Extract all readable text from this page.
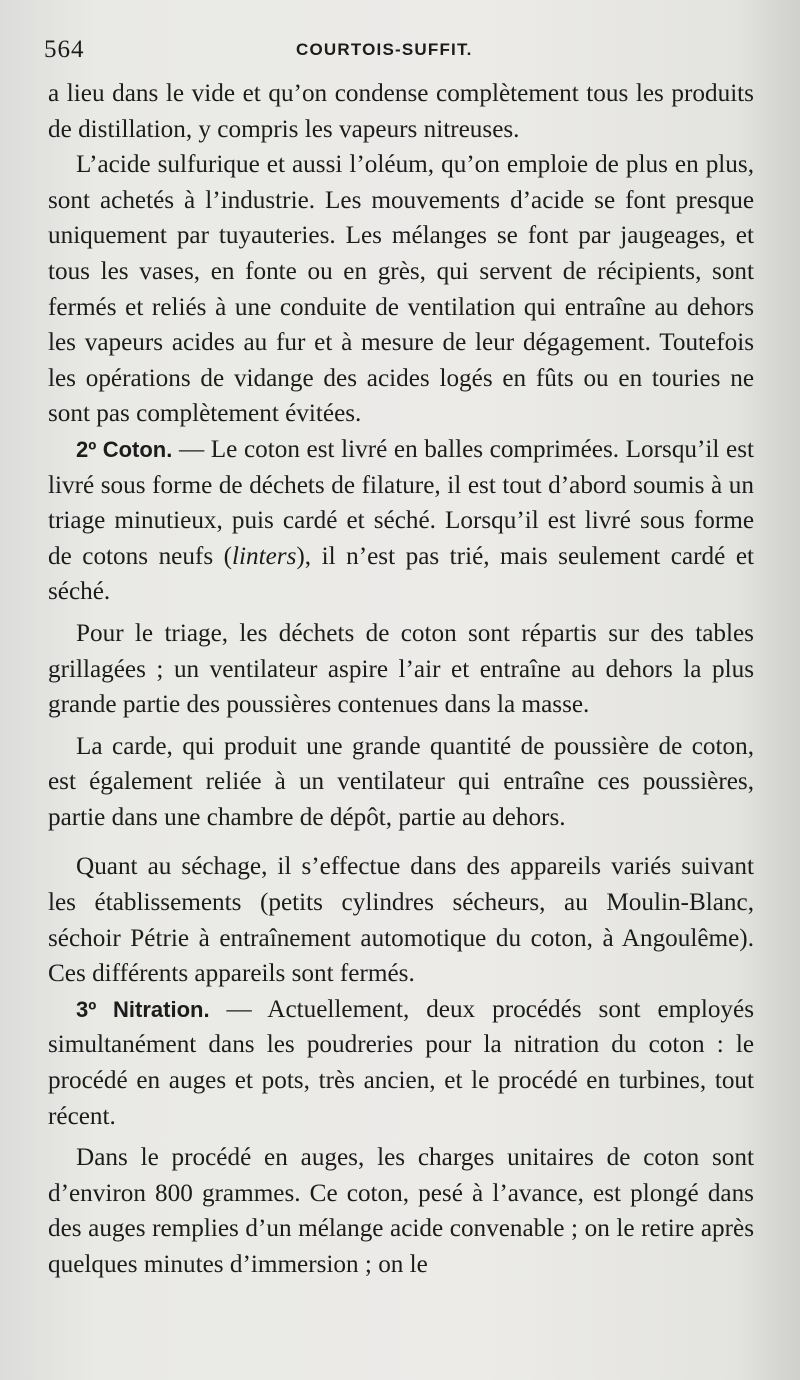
564	COURTOIS-SUFFIT.

a lieu dans le vide et qu’on condense complètement tous les produits de distillation, y compris les vapeurs nitreuses.

L’acide sulfurique et aussi l’oléum, qu’on emploie de plus en plus, sont achetés à l’industrie. Les mouvements d’acide se font presque uniquement par tuyauteries. Les mélanges se font par jaugeages, et tous les vases, en fonte ou en grès, qui servent de récipients, sont fermés et reliés à une conduite de ventilation qui entraîne au dehors les vapeurs acides au fur et à mesure de leur dégagement. Toutefois les opérations de vidange des acides logés en fûts ou en touries ne sont pas complètement évitées.

2º Coton. — Le coton est livré en balles comprimées. Lorsqu’il est livré sous forme de déchets de filature, il est tout d’abord soumis à un triage minutieux, puis cardé et séché. Lorsqu’il est livré sous forme de cotons neufs (linters), il n’est pas trié, mais seulement cardé et séché.

Pour le triage, les déchets de coton sont répartis sur des tables grillagées ; un ventilateur aspire l’air et entraîne au dehors la plus grande partie des poussières contenues dans la masse.

La carde, qui produit une grande quantité de poussière de coton, est également reliée à un ventilateur qui entraîne ces poussières, partie dans une chambre de dépôt, partie au dehors.

Quant au séchage, il s’effectue dans des appareils variés suivant les établissements (petits cylindres sécheurs, au Moulin-Blanc, séchoir Pétrie à entraînement automotique du coton, à Angoulême). Ces différents appareils sont fermés.

3º Nitration. — Actuellement, deux procédés sont employés simultanément dans les poudreries pour la nitration du coton : le procédé en auges et pots, très ancien, et le procédé en turbines, tout récent.

Dans le procédé en auges, les charges unitaires de coton sont d’environ 800 grammes. Ce coton, pesé à l’avance, est plongé dans des auges remplies d’un mélange acide convenable ; on le retire après quelques minutes d’immersion ; on le
